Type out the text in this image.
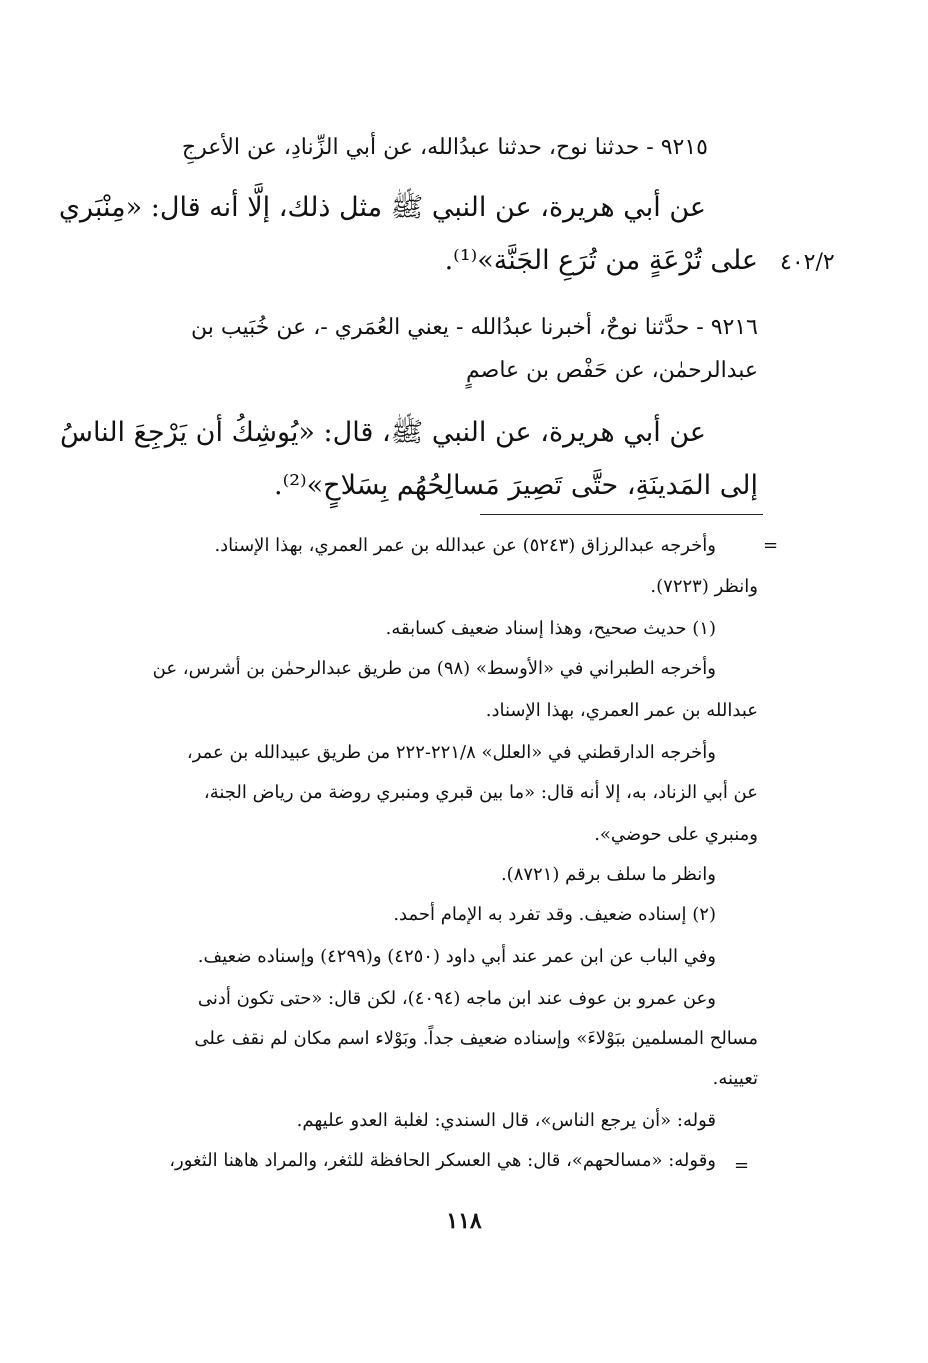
٩٢١٥ - حدثنا نوح، حدثنا عبدُالله، عن أبي الزِّنادِ، عن الأعرجِ

عن أبي هريرة، عن النبي ﷺ مثل ذلك، إلَّا أنه قال: «مِنْبَري

على تُرْعَةٍ من تُرَعِ الجَنَّة»⁽¹⁾. ٤٠٢/٢

٩٢١٦ - حدَّثنا نوحٌ، أخبرنا عبدُالله - يعني العُمَري -، عن خُبَيب بن

عبدالرحمٰن، عن حَفْص بن عاصمٍ

عن أبي هريرة، عن النبي ﷺ، قال: «يُوشِكُ أن يَرْجِعَ الناسُ

إلى المَدينَةِ، حتَّى تَصِيرَ مَسالِحُهُم بِسَلاحٍ»⁽²⁾.

=

وأخرجه عبدالرزاق (٥٢٤٣) عن عبدالله بن عمر العمري، بهذا الإسناد.

وانظر (٧٢٢٣).

(١) حديث صحيح، وهذا إسناد ضعيف كسابقه.

وأخرجه الطبراني في «الأوسط» (٩٨) من طريق عبدالرحمٰن بن أشرس، عن

عبدالله بن عمر العمري، بهذا الإسناد.

وأخرجه الدارقطني في «العلل» ٢٢١/٨-٢٢٢ من طريق عبيدالله بن عمر،

عن أبي الزناد، به، إلا أنه قال: «ما بين قبري ومنبري روضة من رياض الجنة،

ومنبري على حوضي».

وانظر ما سلف برقم (٨٧٢١).

(٢) إسناده ضعيف. وقد تفرد به الإمام أحمد.

وفي الباب عن ابن عمر عند أبي داود (٤٢٥٠) و(٤٢٩٩) وإسناده ضعيف.

وعن عمرو بن عوف عند ابن ماجه (٤٠٩٤)، لكن قال: «حتى تكون أدنى

مسالح المسلمين ببَوْلاءَ» وإسناده ضعيف جداً. وبَوْلاء اسم مكان لم نقف على

تعيينه.

قوله: «أن يرجع الناس»، قال السندي: لغلبة العدو عليهم.

وقوله: «مسالحهم»، قال: هي العسكر الحافظة للثغر، والمراد هاهنا الثغور، =
١١٨
